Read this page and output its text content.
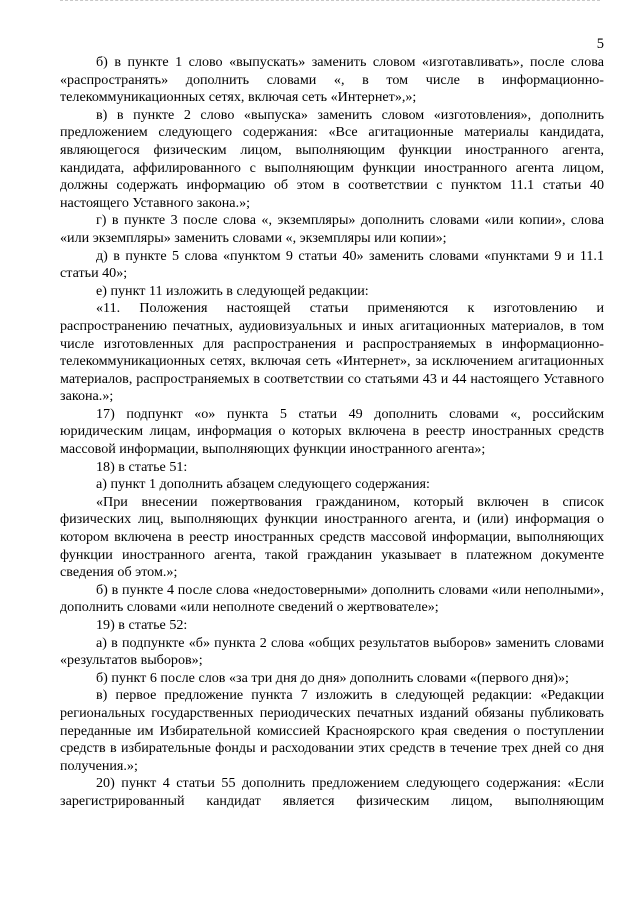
5

б) в пункте 1 слово «выпускать» заменить словом «изготавливать», после слова «распространять» дополнить словами «, в том числе в информационно-телекоммуникационных сетях, включая сеть «Интернет»,»;

в) в пункте 2 слово «выпуска» заменить словом «изготовления», дополнить предложением следующего содержания: «Все агитационные материалы кандидата, являющегося физическим лицом, выполняющим функции иностранного агента, кандидата, аффилированного с выполняющим функции иностранного агента лицом, должны содержать информацию об этом в соответствии с пунктом 11.1 статьи 40 настоящего Уставного закона.»;

г) в пункте 3 после слова «, экземпляры» дополнить словами «или копии», слова «или экземпляры» заменить словами «, экземпляры или копии»;

д) в пункте 5 слова «пунктом 9 статьи 40» заменить словами «пунктами 9 и 11.1 статьи 40»;

е) пункт 11 изложить в следующей редакции:

«11. Положения настоящей статьи применяются к изготовлению и распространению печатных, аудиовизуальных и иных агитационных материалов, в том числе изготовленных для распространения и распространяемых в информационно-телекоммуникационных сетях, включая сеть «Интернет», за исключением агитационных материалов, распространяемых в соответствии со статьями 43 и 44 настоящего Уставного закона.»;

17) подпункт «о» пункта 5 статьи 49 дополнить словами «, российским юридическим лицам, информация о которых включена в реестр иностранных средств массовой информации, выполняющих функции иностранного агента»;

18) в статье 51:

а) пункт 1 дополнить абзацем следующего содержания:

«При внесении пожертвования гражданином, который включен в список физических лиц, выполняющих функции иностранного агента, и (или) информация о котором включена в реестр иностранных средств массовой информации, выполняющих функции иностранного агента, такой гражданин указывает в платежном документе сведения об этом.»;

б) в пункте 4 после слова «недостоверными» дополнить словами «или неполными», дополнить словами «или неполноте сведений о жертвователе»;

19) в статье 52:

а) в подпункте «б» пункта 2 слова «общих результатов выборов» заменить словами «результатов выборов»;

б) пункт 6 после слов «за три дня до дня» дополнить словами «(первого дня)»;

в) первое предложение пункта 7 изложить в следующей редакции: «Редакции региональных государственных периодических печатных изданий обязаны публиковать переданные им Избирательной комиссией Красноярского края сведения о поступлении средств в избирательные фонды и расходовании этих средств в течение трех дней со дня получения.»;

20) пункт 4 статьи 55 дополнить предложением следующего содержания: «Если зарегистрированный кандидат является физическим лицом, выполняющим
